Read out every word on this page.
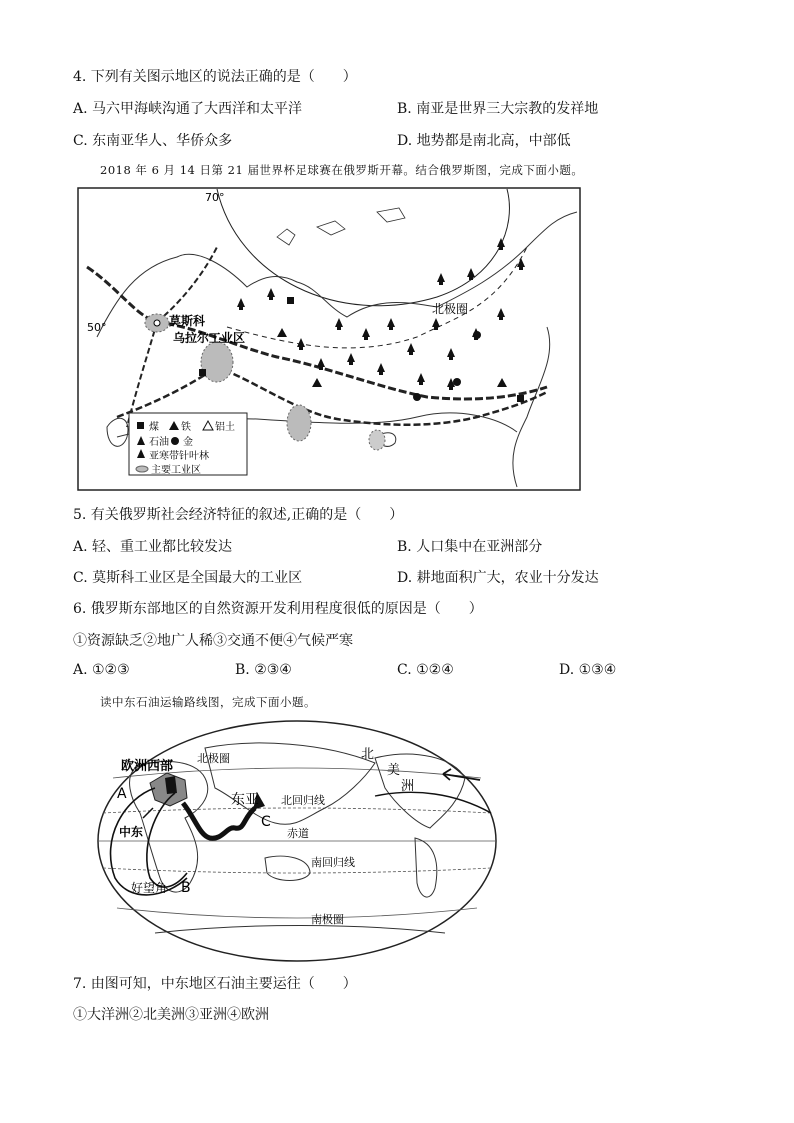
4. 下列有关图示地区的说法正确的是（　　）
A. 马六甲海峡沟通了大西洋和太平洋	B. 南亚是世界三大宗教的发祥地
C. 东南亚华人、华侨众多	D. 地势都是南北高，中部低
2018 年 6 月 14 日第 21 届世界杯足球赛在俄罗斯开幕。结合俄罗斯图，完成下面小题。
70°
北极圈
莫斯科
乌拉尔工业区
50°
煤 铁 铝土
石油 金
亚寒带针叶林
主要工业区
5. 有关俄罗斯社会经济特征的叙述,正确的是（　　）
A. 轻、重工业都比较发达	B. 人口集中在亚洲部分
C. 莫斯科工业区是全国最大的工业区	D. 耕地面积广大，农业十分发达
6. 俄罗斯东部地区的自然资源开发利用程度很低的原因是（　　）
①资源缺乏②地广人稀③交通不便④气候严寒
A. ①②③	B. ②③④	C. ①②④	D. ①③④
读中东石油运输路线图，完成下面小题。
欧洲西部
北极圈	北
美
洲
东亚 北回归线
赤道
南回归线
南极圈
中东
好望角
A
B
C
7. 由图可知，中东地区石油主要运往（　　）
①大洋洲②北美洲③亚洲④欧洲
